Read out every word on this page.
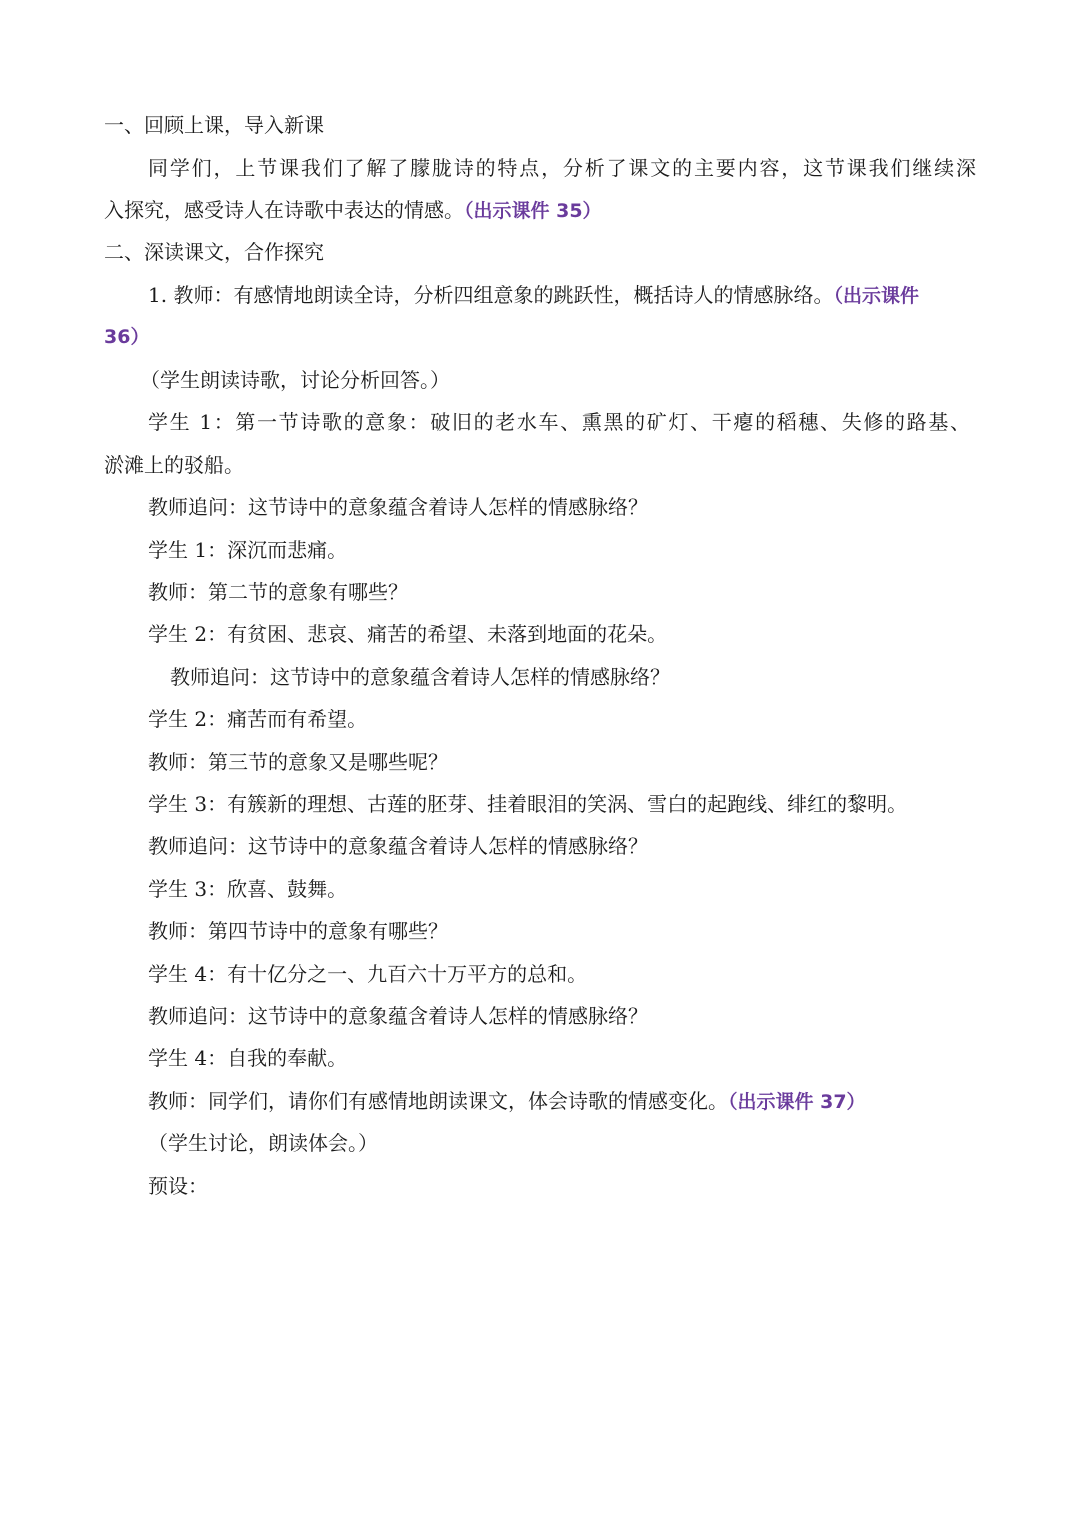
一、回顾上课，导入新课
同学们，上节课我们了解了朦胧诗的特点，分析了课文的主要内容，这节课我们继续深
入探究，感受诗人在诗歌中表达的情感。（出示课件 35）
二、深读课文，合作探究
1. 教师：有感情地朗读全诗，分析四组意象的跳跃性，概括诗人的情感脉络。（出示课件
36）
（学生朗读诗歌，讨论分析回答。）
学生 1：第一节诗歌的意象：破旧的老水车、熏黑的矿灯、干瘪的稻穗、失修的路基、
淤滩上的驳船。
教师追问：这节诗中的意象蕴含着诗人怎样的情感脉络？
学生 1：深沉而悲痛。
教师：第二节的意象有哪些？
学生 2：有贫困、悲哀、痛苦的希望、未落到地面的花朵。
教师追问：这节诗中的意象蕴含着诗人怎样的情感脉络？
学生 2：痛苦而有希望。
教师：第三节的意象又是哪些呢？
学生 3：有簇新的理想、古莲的胚芽、挂着眼泪的笑涡、雪白的起跑线、绯红的黎明。
教师追问：这节诗中的意象蕴含着诗人怎样的情感脉络？
学生 3：欣喜、鼓舞。
教师：第四节诗中的意象有哪些？
学生 4：有十亿分之一、九百六十万平方的总和。
教师追问：这节诗中的意象蕴含着诗人怎样的情感脉络？
学生 4：自我的奉献。
教师：同学们，请你们有感情地朗读课文，体会诗歌的情感变化。（出示课件 37）
（学生讨论，朗读体会。）
预设：
